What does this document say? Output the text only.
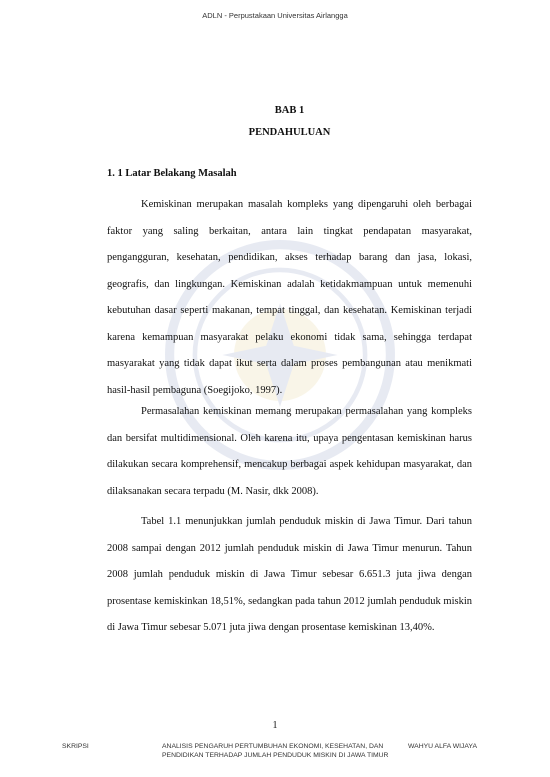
ADLN - Perpustakaan Universitas Airlangga
BAB 1
PENDAHULUAN
1. 1 Latar Belakang Masalah

Kemiskinan merupakan masalah kompleks yang dipengaruhi oleh berbagai faktor yang saling berkaitan, antara lain tingkat pendapatan masyarakat, pengangguran, kesehatan, pendidikan, akses terhadap barang dan jasa, lokasi, geografis, dan lingkungan. Kemiskinan adalah ketidakmampuan untuk memenuhi kebutuhan dasar seperti makanan, tempat tinggal, dan kesehatan. Kemiskinan terjadi karena kemampuan masyarakat pelaku ekonomi tidak sama, sehingga terdapat masyarakat yang tidak dapat ikut serta dalam proses pembangunan atau menikmati hasil-hasil pembaguna (Soegijoko, 1997).

Permasalahan kemiskinan memang merupakan permasalahan yang kompleks dan bersifat multidimensional. Oleh karena itu, upaya pengentasan kemiskinan harus dilakukan secara komprehensif, mencakup berbagai aspek kehidupan masyarakat, dan dilaksanakan secara terpadu (M. Nasir, dkk 2008).

Tabel 1.1 menunjukkan jumlah penduduk miskin di Jawa Timur. Dari tahun 2008 sampai dengan 2012 jumlah penduduk miskin di Jawa Timur menurun. Tahun 2008 jumlah penduduk miskin di Jawa Timur sebesar 6.651.3 juta jiwa dengan prosentase kemiskinkan 18,51%, sedangkan pada tahun 2012 jumlah penduduk miskin di Jawa Timur sebesar 5.071 juta jiwa dengan prosentase kemiskinan 13,40%.

1
SKRIPSI	ANALISIS PENGARUH PERTUMBUHAN EKONOMI, KESEHATAN, DAN PENDIDIKAN TERHADAP JUMLAH PENDUDUK MISKIN DI JAWA TIMUR
WAHYU ALFA WIJAYA
